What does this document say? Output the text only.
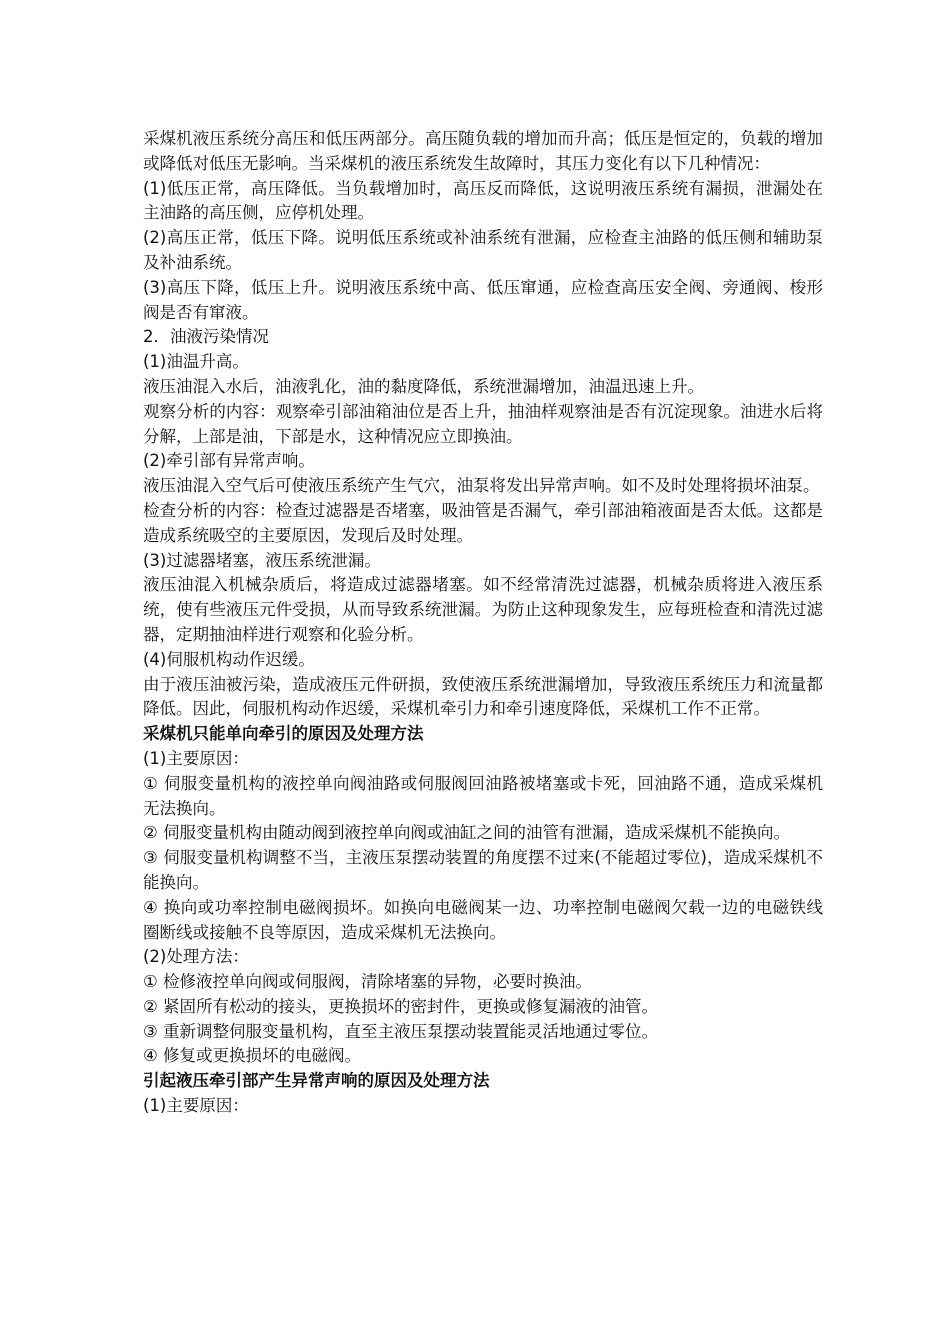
采煤机液压系统分高压和低压两部分。高压随负载的增加而升高；低压是恒定的，负载的增加或降低对低压无影响。当采煤机的液压系统发生故障时，其压力变化有以下几种情况：

(1)低压正常，高压降低。当负载增加时，高压反而降低，这说明液压系统有漏损，泄漏处在主油路的高压侧，应停机处理。

(2)高压正常，低压下降。说明低压系统或补油系统有泄漏，应检查主油路的低压侧和辅助泵及补油系统。

(3)高压下降，低压上升。说明液压系统中高、低压窜通，应检查高压安全阀、旁通阀、梭形阀是否有窜液。

2．油液污染情况

(1)油温升高。

液压油混入水后，油液乳化，油的黏度降低，系统泄漏增加，油温迅速上升。

观察分析的内容：观察牵引部油箱油位是否上升，抽油样观察油是否有沉淀现象。油进水后将分解，上部是油，下部是水，这种情况应立即换油。

(2)牵引部有异常声响。

液压油混入空气后可使液压系统产生气穴，油泵将发出异常声响。如不及时处理将损坏油泵。

检查分析的内容：检查过滤器是否堵塞，吸油管是否漏气，牵引部油箱液面是否太低。这都是造成系统吸空的主要原因，发现后及时处理。

(3)过滤器堵塞，液压系统泄漏。

液压油混入机械杂质后，将造成过滤器堵塞。如不经常清洗过滤器，机械杂质将进入液压系统，使有些液压元件受损，从而导致系统泄漏。为防止这种现象发生，应每班检查和清洗过滤器，定期抽油样进行观察和化验分析。

(4)伺服机构动作迟缓。

由于液压油被污染，造成液压元件研损，致使液压系统泄漏增加，导致液压系统压力和流量都降低。因此，伺服机构动作迟缓，采煤机牵引力和牵引速度降低，采煤机工作不正常。

采煤机只能单向牵引的原因及处理方法

(1)主要原因：

① 伺服变量机构的液控单向阀油路或伺服阀回油路被堵塞或卡死，回油路不通，造成采煤机无法换向。

② 伺服变量机构由随动阀到液控单向阀或油缸之间的油管有泄漏，造成采煤机不能换向。

③ 伺服变量机构调整不当，主液压泵摆动装置的角度摆不过来(不能超过零位)，造成采煤机不能换向。

④ 换向或功率控制电磁阀损坏。如换向电磁阀某一边、功率控制电磁阀欠载一边的电磁铁线圈断线或接触不良等原因，造成采煤机无法换向。

(2)处理方法：

① 检修液控单向阀或伺服阀，清除堵塞的异物，必要时换油。

② 紧固所有松动的接头，更换损坏的密封件，更换或修复漏液的油管。

③ 重新调整伺服变量机构，直至主液压泵摆动装置能灵活地通过零位。

④ 修复或更换损坏的电磁阀。

引起液压牵引部产生异常声响的原因及处理方法

(1)主要原因：
